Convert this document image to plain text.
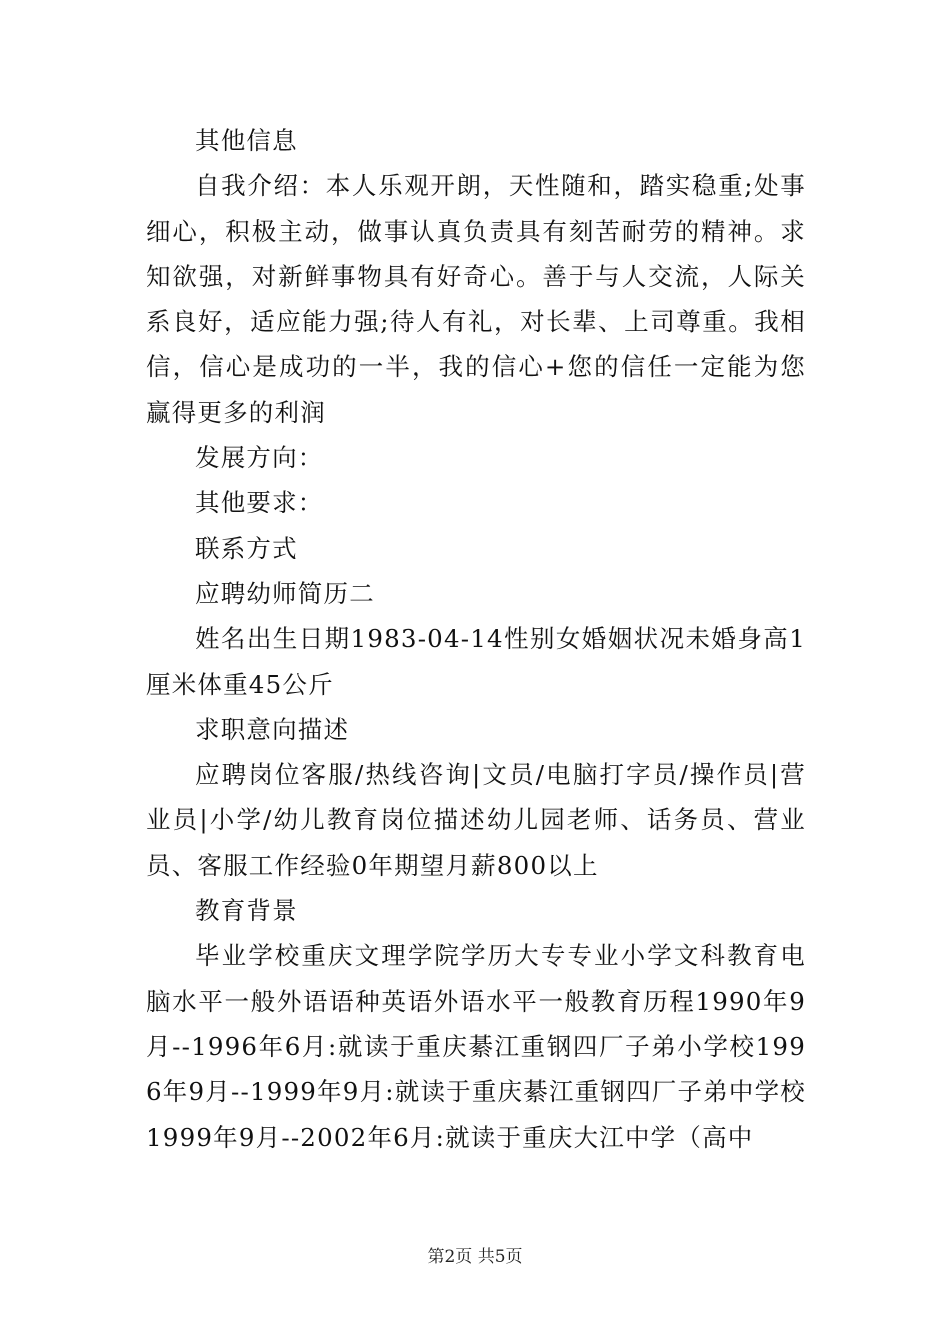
其他信息

自我介绍：本人乐观开朗，天性随和，踏实稳重;处事细心，积极主动，做事认真负责具有刻苦耐劳的精神。求知欲强，对新鲜事物具有好奇心。善于与人交流，人际关系良好，适应能力强;待人有礼，对长辈、上司尊重。我相信，信心是成功的一半，我的信心+您的信任一定能为您赢得更多的利润

发展方向：

其他要求：

联系方式

应聘幼师简历二

姓名出生日期1983-04-14性别女婚姻状况未婚身高1厘米体重45公斤

求职意向描述

应聘岗位客服/热线咨询|文员/电脑打字员/操作员|营业员|小学/幼儿教育岗位描述幼儿园老师、话务员、营业员、客服工作经验0年期望月薪800以上

教育背景

毕业学校重庆文理学院学历大专专业小学文科教育电脑水平一般外语语种英语外语水平一般教育历程1990年9月--1996年6月:就读于重庆綦江重钢四厂子弟小学校1996年9月--1999年9月:就读于重庆綦江重钢四厂子弟中学校1999年9月--2002年6月:就读于重庆大江中学（高中

第2页 共5页
